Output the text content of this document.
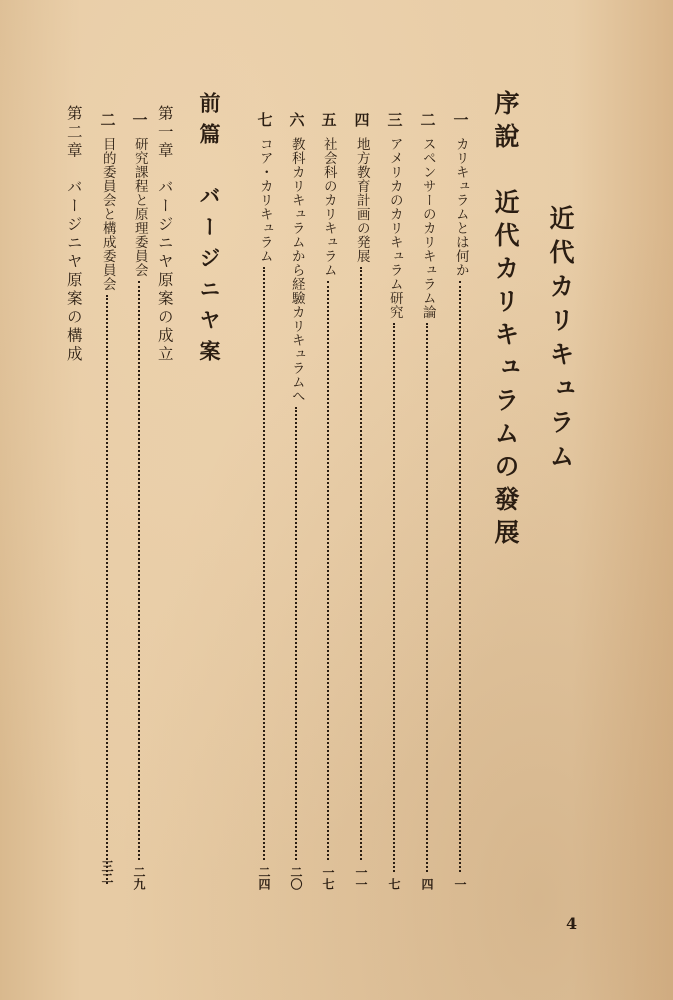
近代カリキュラム
序說　近代カリキュラムの發展
一
カリキュラムとは何か
一
二
スペンサーのカリキュラム論
四
三
アメリカのカリキュラム研究
七
四
地方教育計画の発展
一一
五
社会科のカリキュラム
一七
六
教科カリキュラムから経驗カリキュラムへ
二〇
七
コア・カリキュラム
二四
前篇　バージニヤ案
第一章　バージニヤ原案の成立
一
研究課程と原理委員会
二九
二
目的委員会と構成委員会
第二章　バージニヤ原案の構成
三二
4
